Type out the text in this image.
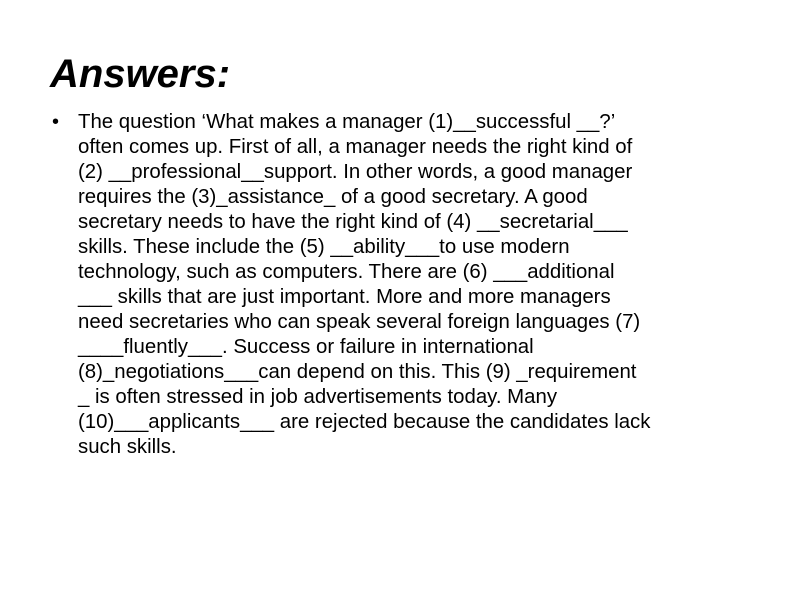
Answers:
• The question ‘What makes a manager (1)__successful __?’
often comes up. First of all, a manager needs the right kind of
(2) __professional__support. In other words, a good manager
requires the (3)_assistance_ of a good secretary. A good
secretary needs to have the right kind of (4) __secretarial___
skills. These include the (5) __ability___to use modern
technology, such as computers. There are (6) ___additional
___ skills that are just important. More and more managers
need secretaries who can speak several foreign languages (7)
____fluently___. Success or failure in international
(8)_negotiations___can depend on this. This (9) _requirement
_ is often stressed in job advertisements today. Many
(10)___applicants___ are rejected because the candidates lack
such skills.
